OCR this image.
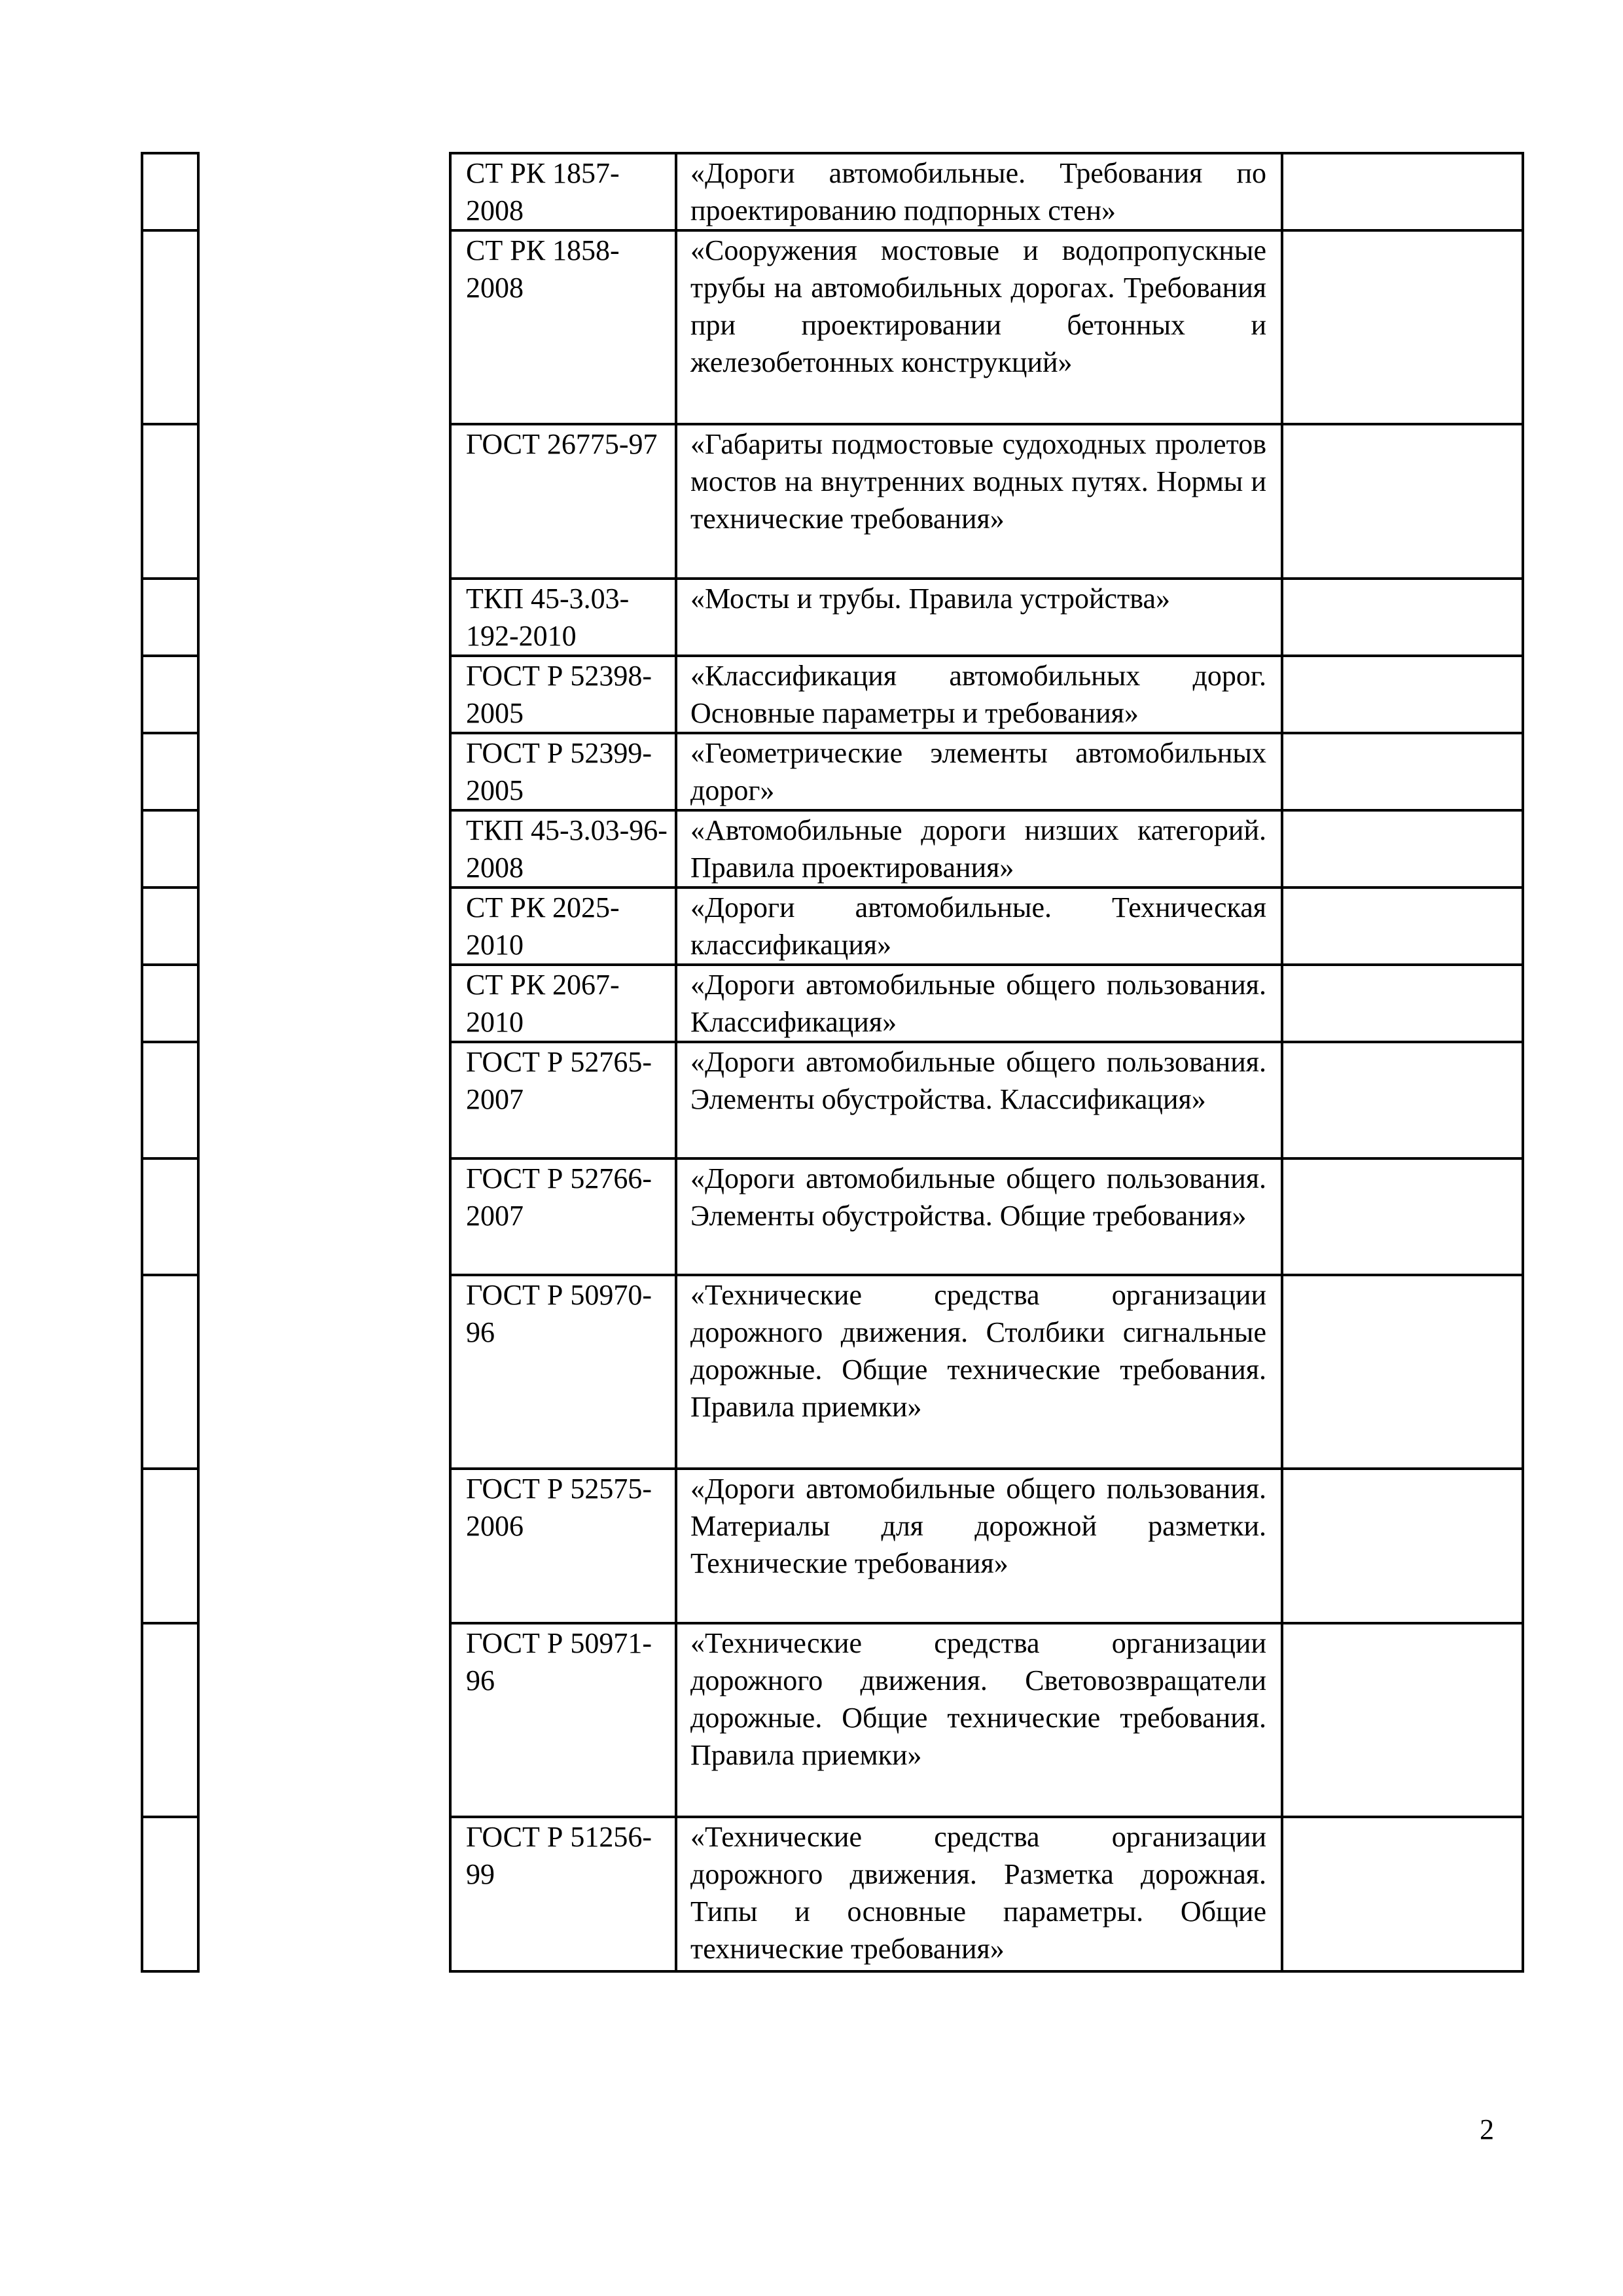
		СТ РК 1857-2008	«Дороги автомобильные. Требования по проектированию подпорных стен»	
		СТ РК 1858-2008	«Сооружения мостовые и водопропускные трубы на автомобильных дорогах. Требования при проектировании бетонных и железобетонных конструкций»	
		ГОСТ 26775-97	«Габариты подмостовые судоходных пролетов мостов на внутренних водных путях. Нормы и технические требования»	
		ТКП 45-3.03-192-2010	«Мосты и трубы. Правила устройства»	
		ГОСТ Р 52398-2005	«Классификация автомобильных дорог. Основные параметры и требования»	
		ГОСТ Р 52399-2005	«Геометрические элементы автомобильных дорог»	
		ТКП 45-3.03-96-2008	«Автомобильные дороги низших категорий. Правила проектирования»	
		СТ РК 2025-2010	«Дороги автомобильные. Техническая классификация»	
		СТ РК 2067-2010	«Дороги автомобильные общего пользования. Классификация»	
		ГОСТ Р 52765-2007	«Дороги автомобильные общего пользования. Элементы обустройства. Классификация»	
		ГОСТ Р 52766-2007	«Дороги автомобильные общего пользования. Элементы обустройства. Общие требования»	
		ГОСТ Р 50970-96	«Технические средства организации дорожного движения. Столбики сигнальные дорожные. Общие технические требования. Правила приемки»	
		ГОСТ Р 52575-2006	«Дороги автомобильные общего пользования. Материалы для дорожной разметки. Технические требования»	
		ГОСТ Р 50971-96	«Технические средства организации дорожного движения. Световозвращатели дорожные. Общие технические требования. Правила приемки»	
		ГОСТ Р 51256-99	«Технические средства организации дорожного движения. Разметка дорожная. Типы и основные параметры. Общие технические требования»	
2
